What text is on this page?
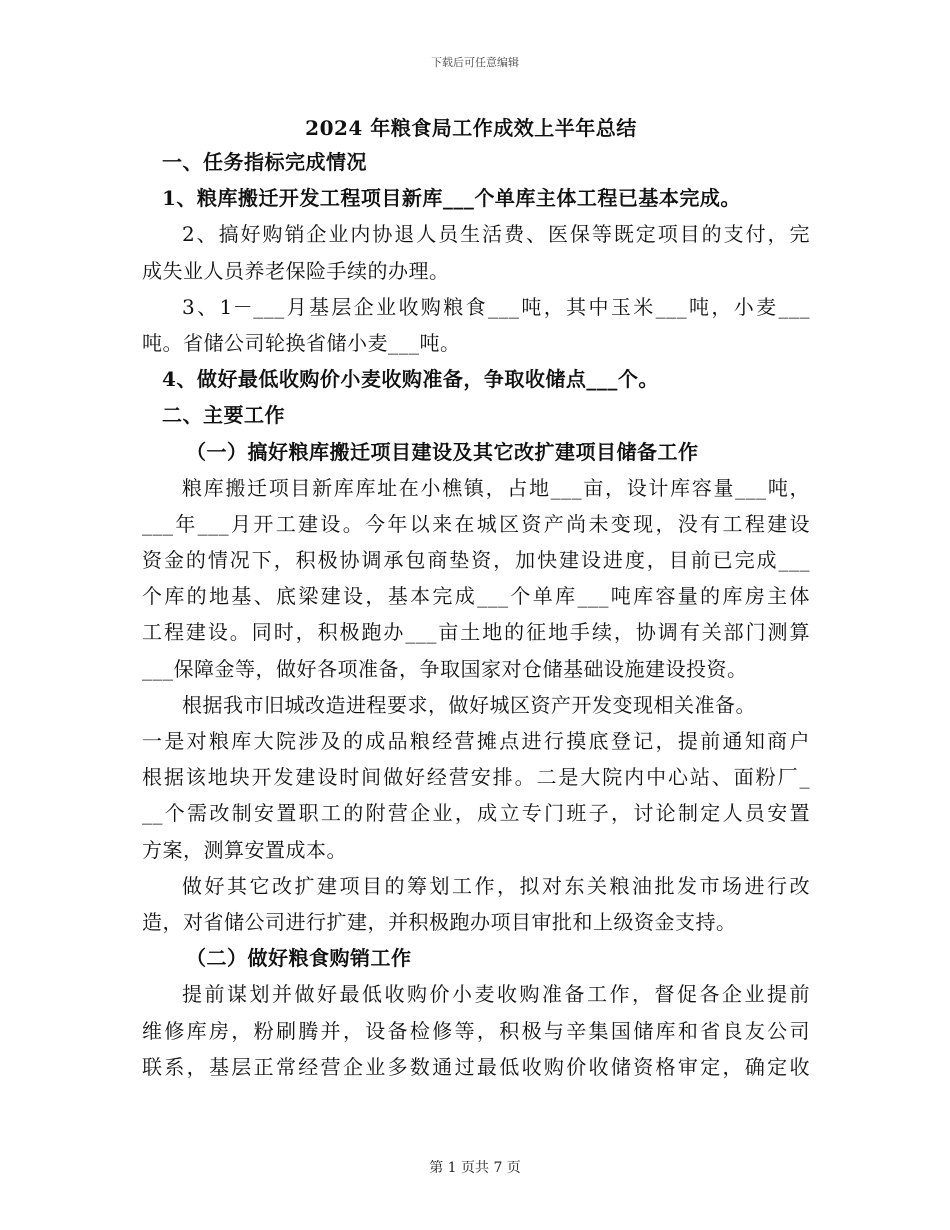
下载后可任意编辑
2024 年粮食局工作成效上半年总结

一、任务指标完成情况

1、粮库搬迁开发工程项目新库___个单库主体工程已基本完成。

2、搞好购销企业内协退人员生活费、医保等既定项目的支付，完

成失业人员养老保险手续的办理。

3、1－___月基层企业收购粮食___吨，其中玉米___吨，小麦___

吨。省储公司轮换省储小麦___吨。

4、做好最低收购价小麦收购准备，争取收储点___个。

二、主要工作

（一）搞好粮库搬迁项目建设及其它改扩建项目储备工作

粮库搬迁项目新库库址在小樵镇，占地___亩，设计库容量___吨，

___年___月开工建设。今年以来在城区资产尚未变现，没有工程建设

资金的情况下，积极协调承包商垫资，加快建设进度，目前已完成___

个库的地基、底梁建设，基本完成___个单库___吨库容量的库房主体

工程建设。同时，积极跑办___亩土地的征地手续，协调有关部门测算

___保障金等，做好各项准备，争取国家对仓储基础设施建设投资。

根据我市旧城改造进程要求，做好城区资产开发变现相关准备。

一是对粮库大院涉及的成品粮经营摊点进行摸底登记，提前通知商户

根据该地块开发建设时间做好经营安排。二是大院内中心站、面粉厂_

__个需改制安置职工的附营企业，成立专门班子，讨论制定人员安置

方案，测算安置成本。

做好其它改扩建项目的筹划工作，拟对东关粮油批发市场进行改

造，对省储公司进行扩建，并积极跑办项目审批和上级资金支持。

（二）做好粮食购销工作

提前谋划并做好最低收购价小麦收购准备工作，督促各企业提前

维修库房，粉刷腾并，设备检修等，积极与辛集国储库和省良友公司

联系，基层正常经营企业多数通过最低收购价收储资格审定，确定收

第 1 页共 7 页
